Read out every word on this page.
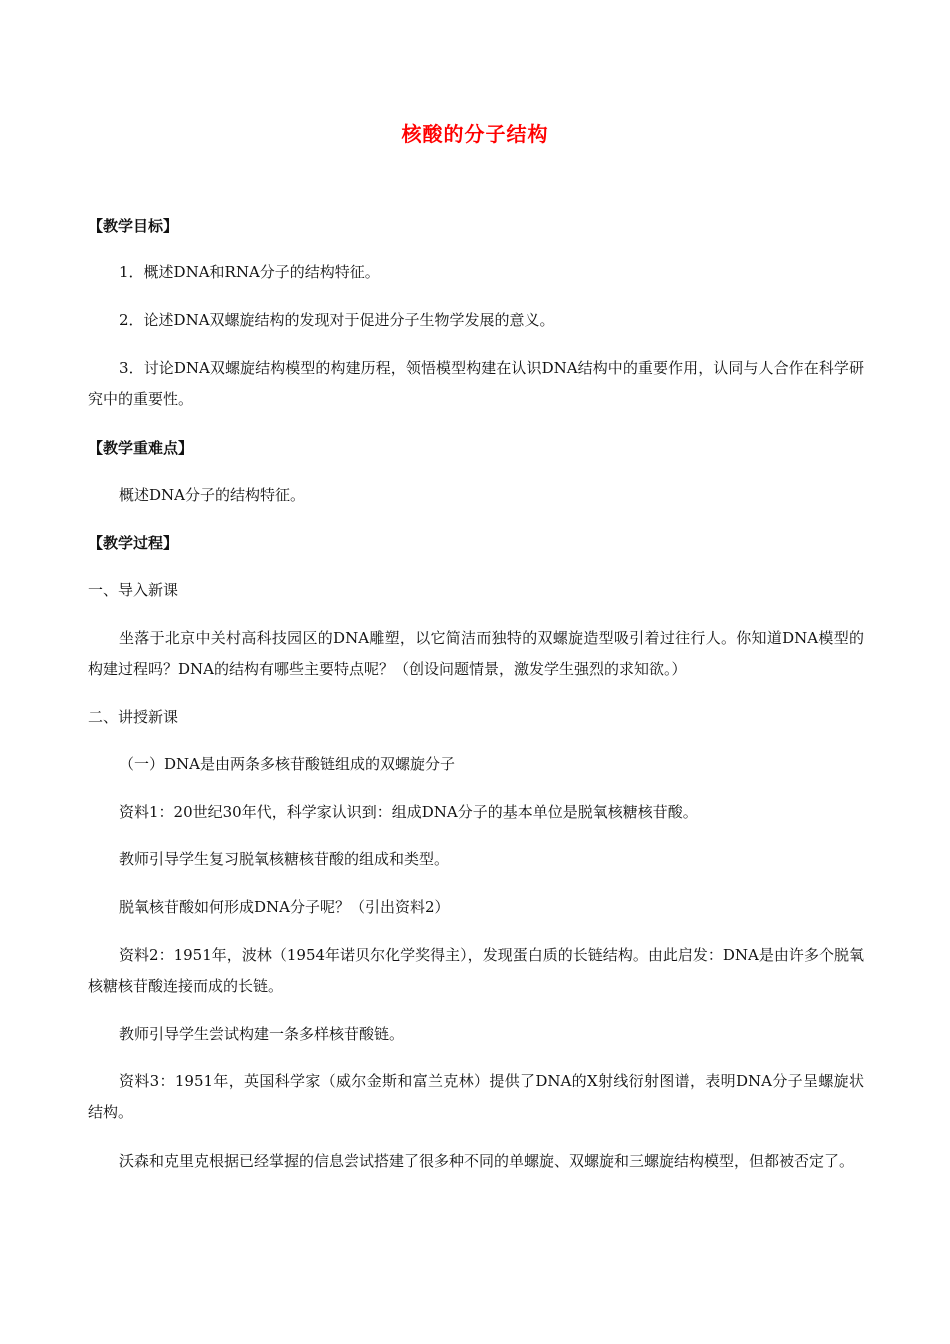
核酸的分子结构
【教学目标】
1．概述DNA和RNA分子的结构特征。
2．论述DNA双螺旋结构的发现对于促进分子生物学发展的意义。
3．讨论DNA双螺旋结构模型的构建历程，领悟模型构建在认识DNA结构中的重要作用，认同与人合作在科学研究中的重要性。
【教学重难点】
概述DNA分子的结构特征。
【教学过程】
一、导入新课
坐落于北京中关村高科技园区的DNA雕塑，以它简洁而独特的双螺旋造型吸引着过往行人。你知道DNA模型的构建过程吗？DNA的结构有哪些主要特点呢？（创设问题情景，激发学生强烈的求知欲。）
二、讲授新课
（一）DNA是由两条多核苷酸链组成的双螺旋分子
资料1：20世纪30年代，科学家认识到：组成DNA分子的基本单位是脱氧核糖核苷酸。
教师引导学生复习脱氧核糖核苷酸的组成和类型。
脱氧核苷酸如何形成DNA分子呢？（引出资料2）
资料2：1951年，波林（1954年诺贝尔化学奖得主），发现蛋白质的长链结构。由此启发：DNA是由许多个脱氧核糖核苷酸连接而成的长链。
教师引导学生尝试构建一条多样核苷酸链。
资料3：1951年，英国科学家（威尔金斯和富兰克林）提供了DNA的X射线衍射图谱，表明DNA分子呈螺旋状结构。
沃森和克里克根据已经掌握的信息尝试搭建了很多种不同的单螺旋、双螺旋和三螺旋结构模型，但都被否定了。
